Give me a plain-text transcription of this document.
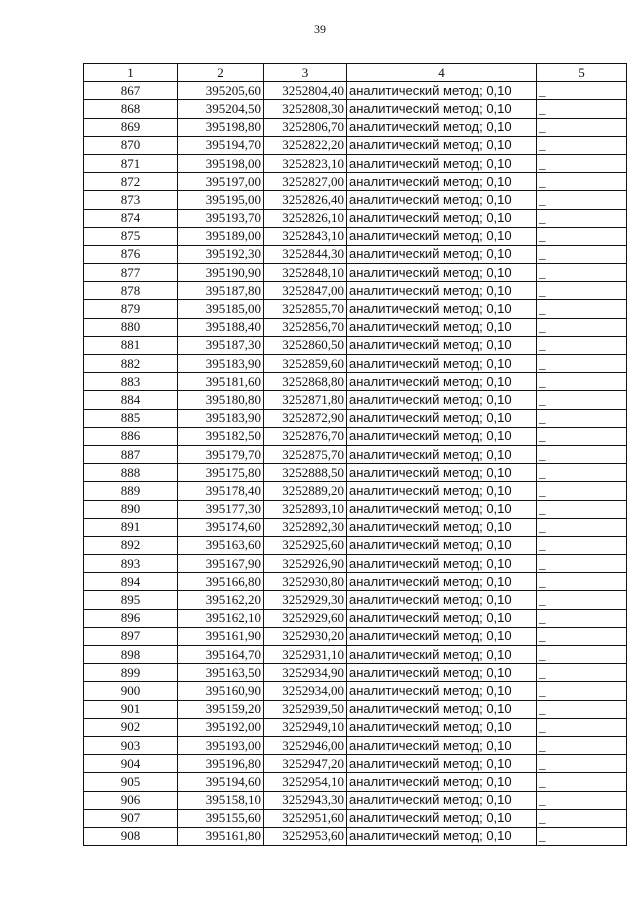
39
1	2	3	4	5
867	395205,60	3252804,40	аналитический метод; 0,10	_
868	395204,50	3252808,30	аналитический метод; 0,10	_
869	395198,80	3252806,70	аналитический метод; 0,10	_
870	395194,70	3252822,20	аналитический метод; 0,10	_
871	395198,00	3252823,10	аналитический метод; 0,10	_
872	395197,00	3252827,00	аналитический метод; 0,10	_
873	395195,00	3252826,40	аналитический метод; 0,10	_
874	395193,70	3252826,10	аналитический метод; 0,10	_
875	395189,00	3252843,10	аналитический метод; 0,10	_
876	395192,30	3252844,30	аналитический метод; 0,10	_
877	395190,90	3252848,10	аналитический метод; 0,10	_
878	395187,80	3252847,00	аналитический метод; 0,10	_
879	395185,00	3252855,70	аналитический метод; 0,10	_
880	395188,40	3252856,70	аналитический метод; 0,10	_
881	395187,30	3252860,50	аналитический метод; 0,10	_
882	395183,90	3252859,60	аналитический метод; 0,10	_
883	395181,60	3252868,80	аналитический метод; 0,10	_
884	395180,80	3252871,80	аналитический метод; 0,10	_
885	395183,90	3252872,90	аналитический метод; 0,10	_
886	395182,50	3252876,70	аналитический метод; 0,10	_
887	395179,70	3252875,70	аналитический метод; 0,10	_
888	395175,80	3252888,50	аналитический метод; 0,10	_
889	395178,40	3252889,20	аналитический метод; 0,10	_
890	395177,30	3252893,10	аналитический метод; 0,10	_
891	395174,60	3252892,30	аналитический метод; 0,10	_
892	395163,60	3252925,60	аналитический метод; 0,10	_
893	395167,90	3252926,90	аналитический метод; 0,10	_
894	395166,80	3252930,80	аналитический метод; 0,10	_
895	395162,20	3252929,30	аналитический метод; 0,10	_
896	395162,10	3252929,60	аналитический метод; 0,10	_
897	395161,90	3252930,20	аналитический метод; 0,10	_
898	395164,70	3252931,10	аналитический метод; 0,10	_
899	395163,50	3252934,90	аналитический метод; 0,10	_
900	395160,90	3252934,00	аналитический метод; 0,10	_
901	395159,20	3252939,50	аналитический метод; 0,10	_
902	395192,00	3252949,10	аналитический метод; 0,10	_
903	395193,00	3252946,00	аналитический метод; 0,10	_
904	395196,80	3252947,20	аналитический метод; 0,10	_
905	395194,60	3252954,10	аналитический метод; 0,10	_
906	395158,10	3252943,30	аналитический метод; 0,10	_
907	395155,60	3252951,60	аналитический метод; 0,10	_
908	395161,80	3252953,60	аналитический метод; 0,10	_
